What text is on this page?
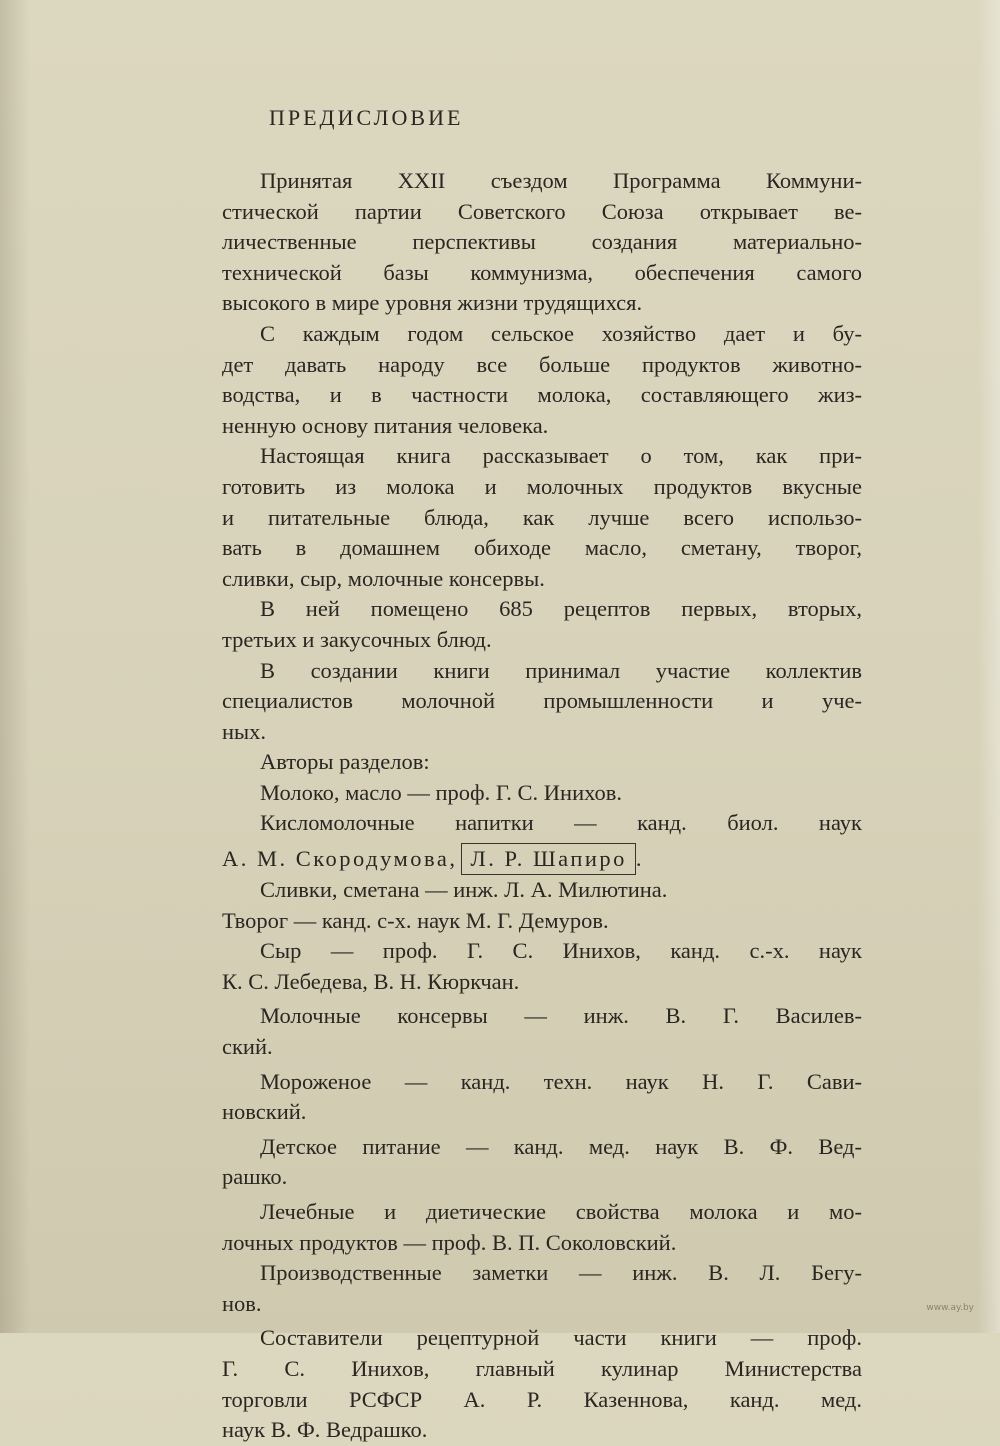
ПРЕДИСЛОВИЕ
Принятая XXII съездом Программа Коммуни-
стической партии Советского Союза открывает ве-
личественные перспективы создания материально-
технической базы коммунизма, обеспечения самого
высокого в мире уровня жизни трудящихся.
С каждым годом сельское хозяйство дает и бу-
дет давать народу все больше продуктов животно-
водства, и в частности молока, составляющего жиз-
ненную основу питания человека.
Настоящая книга рассказывает о том, как при-
готовить из молока и молочных продуктов вкусные
и питательные блюда, как лучше всего использо-
вать в домашнем обиходе масло, сметану, творог,
сливки, сыр, молочные консервы.
В ней помещено 685 рецептов первых, вторых,
третьих и закусочных блюд.
В создании книги принимал участие коллектив
специалистов молочной промышленности и уче-
ных.
Авторы разделов:
Молоко, масло — проф. Г. С. Инихов.
Кисломолочные напитки — канд. биол. наук
А. М. Скородумова, Л. Р. Шапиро .
Сливки, сметана — инж. Л. А. Милютина.
Творог — канд. с-х. наук М. Г. Демуров.
Сыр — проф. Г. С. Инихов, канд. с.-х. наук
К. С. Лебедева, В. Н. Кюркчан.
Молочные консервы — инж. В. Г. Василев-
ский.
Мороженое — канд. техн. наук Н. Г. Сави-
новский.
Детское питание — канд. мед. наук В. Ф. Вед-
рашко.
Лечебные и диетические свойства молока и мо-
лочных продуктов — проф. В. П. Соколовский.
Производственные заметки — инж. В. Л. Бегу-
нов.
Составители рецептурной части книги — проф.
Г. С. Инихов, главный кулинар Министерства
торговли РСФСР А. Р. Казеннова, канд. мед.
наук В. Ф. Ведрашко.
www.ay.by
